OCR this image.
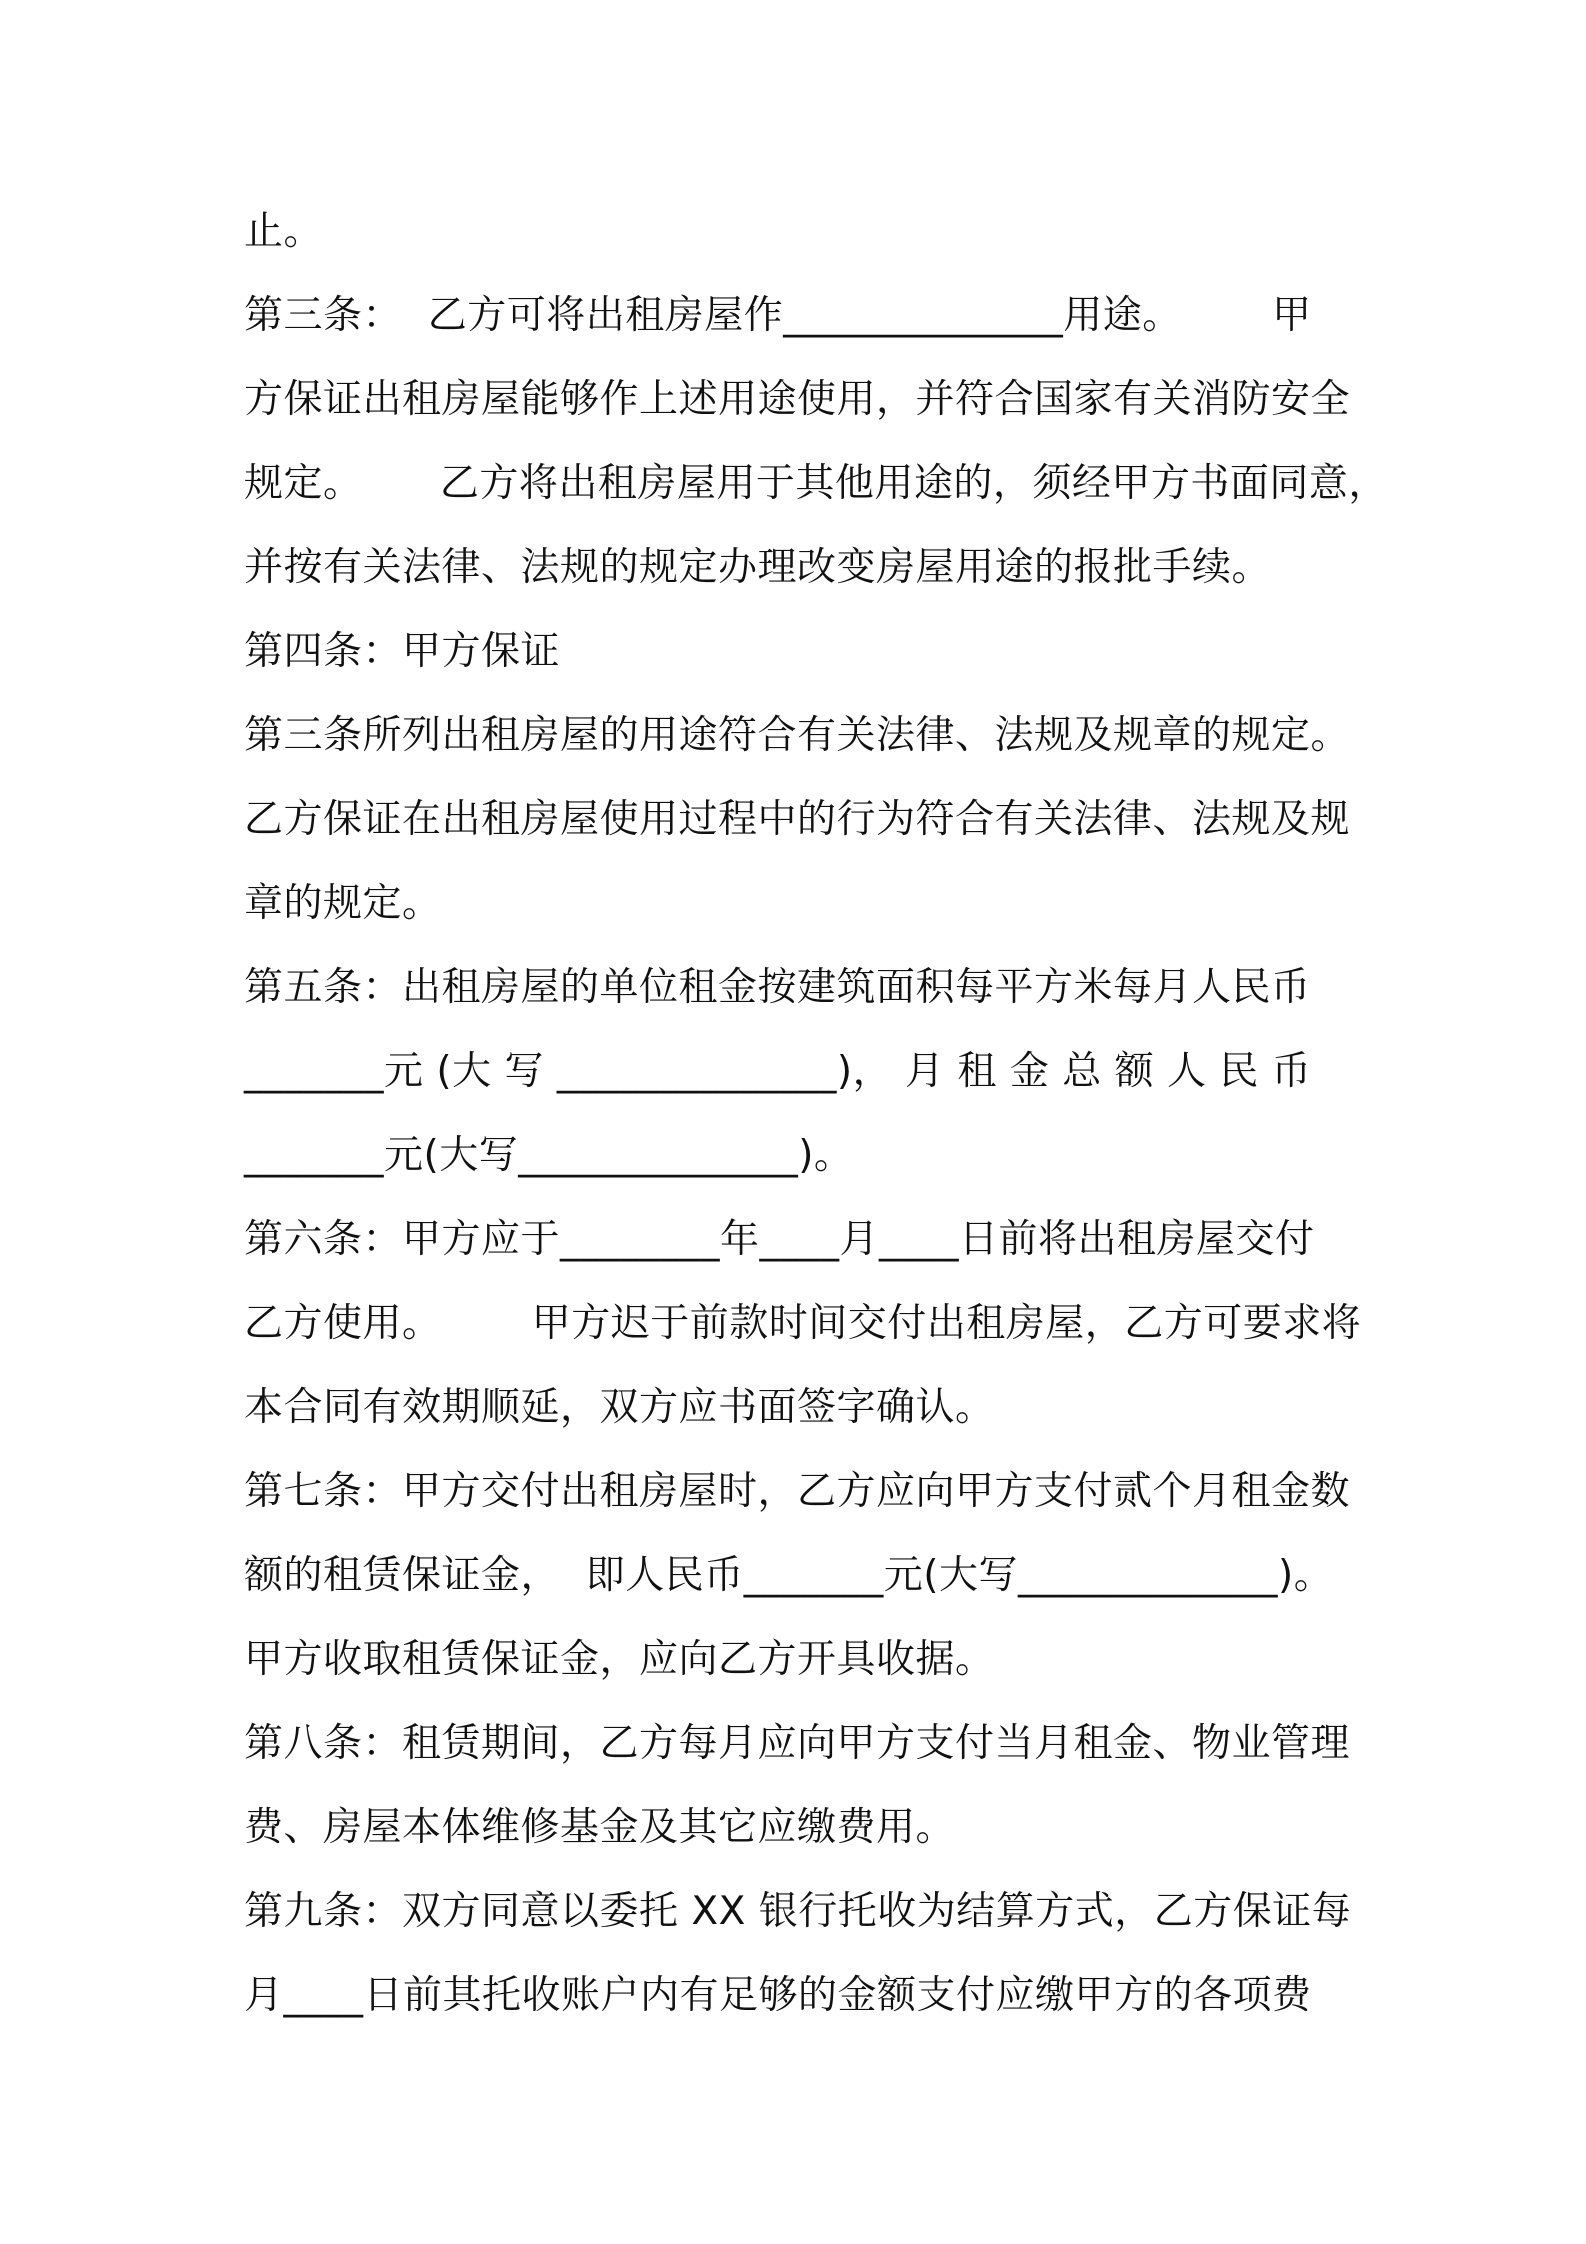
止。
第三条：  乙方可将出租房屋作______________用途。       甲
方保证出租房屋能够作上述用途使用，并符合国家有关消防安全
规定。      乙方将出租房屋用于其他用途的，须经甲方书面同意，
并按有关法律、法规的规定办理改变房屋用途的报批手续。
第四条：甲方保证
第三条所列出租房屋的用途符合有关法律、法规及规章的规定。
乙方保证在出租房屋使用过程中的行为符合有关法律、法规及规
章的规定。
第五条：出租房屋的单位租金按建筑面积每平方米每月人民币
_______元 (大 写 ______________)， 月 租 金 总 额 人 民 币
_______元(大写______________)。
第六条：甲方应于________年____月____日前将出租房屋交付
乙方使用。       甲方迟于前款时间交付出租房屋，乙方可要求将
本合同有效期顺延，双方应书面签字确认。
第七条：甲方交付出租房屋时，乙方应向甲方支付贰个月租金数
额的租赁保证金，  即人民币_______元(大写_____________)。
甲方收取租赁保证金，应向乙方开具收据。
第八条：租赁期间，乙方每月应向甲方支付当月租金、物业管理
费、房屋本体维修基金及其它应缴费用。
第九条：双方同意以委托 XX 银行托收为结算方式，乙方保证每
月____日前其托收账户内有足够的金额支付应缴甲方的各项费
